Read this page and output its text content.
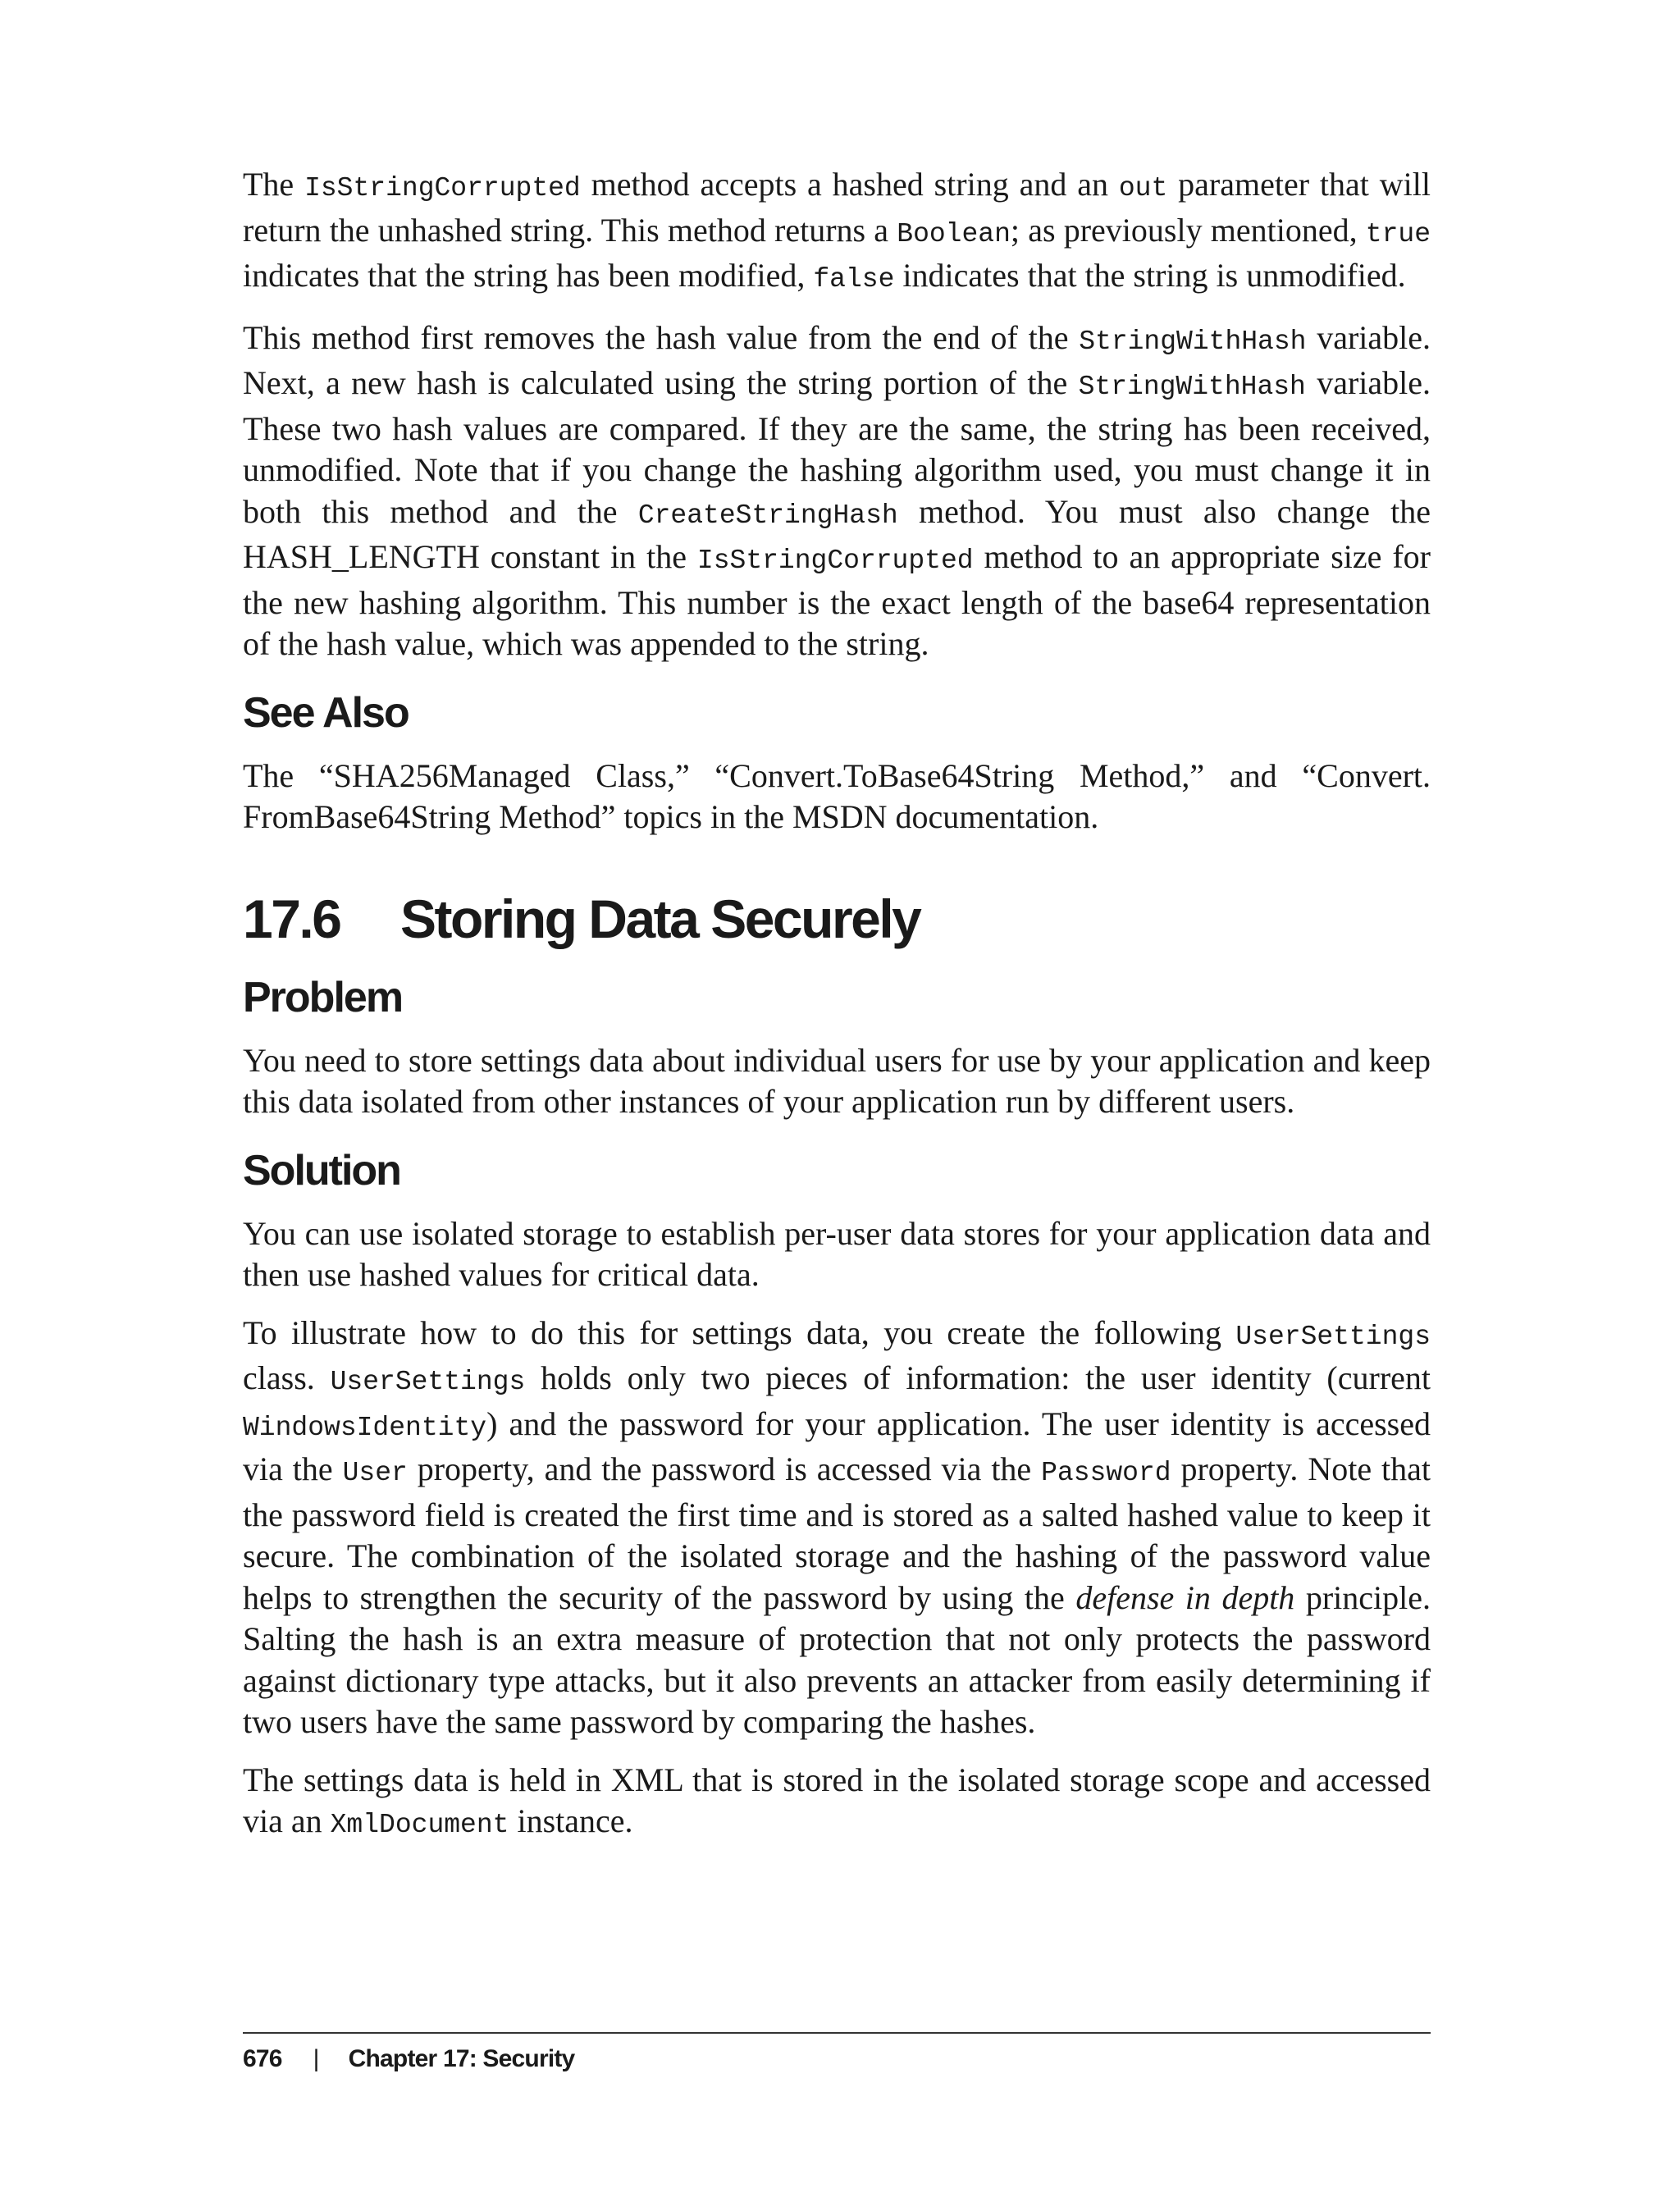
The IsStringCorrupted method accepts a hashed string and an out parameter that will return the unhashed string. This method returns a Boolean; as previously mentioned, true indicates that the string has been modified, false indicates that the string is unmodified.

This method first removes the hash value from the end of the StringWithHash variable. Next, a new hash is calculated using the string portion of the StringWithHash variable. These two hash values are compared. If they are the same, the string has been received, unmodified. Note that if you change the hashing algorithm used, you must change it in both this method and the CreateStringHash method. You must also change the HASH_LENGTH constant in the IsStringCorrupted method to an appropriate size for the new hashing algorithm. This number is the exact length of the base64 representation of the hash value, which was appended to the string.

See Also

The “SHA256Managed Class,” “Convert.ToBase64String Method,” and “Convert. FromBase64String Method” topics in the MSDN documentation.

17.6	Storing Data Securely
Problem

You need to store settings data about individual users for use by your application and keep this data isolated from other instances of your application run by different users.

Solution

You can use isolated storage to establish per-user data stores for your application data and then use hashed values for critical data.

To illustrate how to do this for settings data, you create the following UserSettings class. UserSettings holds only two pieces of information: the user identity (current WindowsIdentity) and the password for your application. The user identity is accessed via the User property, and the password is accessed via the Password property. Note that the password field is created the first time and is stored as a salted hashed value to keep it secure. The combination of the isolated storage and the hashing of the password value helps to strengthen the security of the password by using the defense in depth principle. Salting the hash is an extra measure of protection that not only protects the password against dictionary type attacks, but it also prevents an attacker from easily determining if two users have the same password by comparing the hashes.

The settings data is held in XML that is stored in the isolated storage scope and accessed via an XmlDocument instance.

676 | Chapter 17: Security
